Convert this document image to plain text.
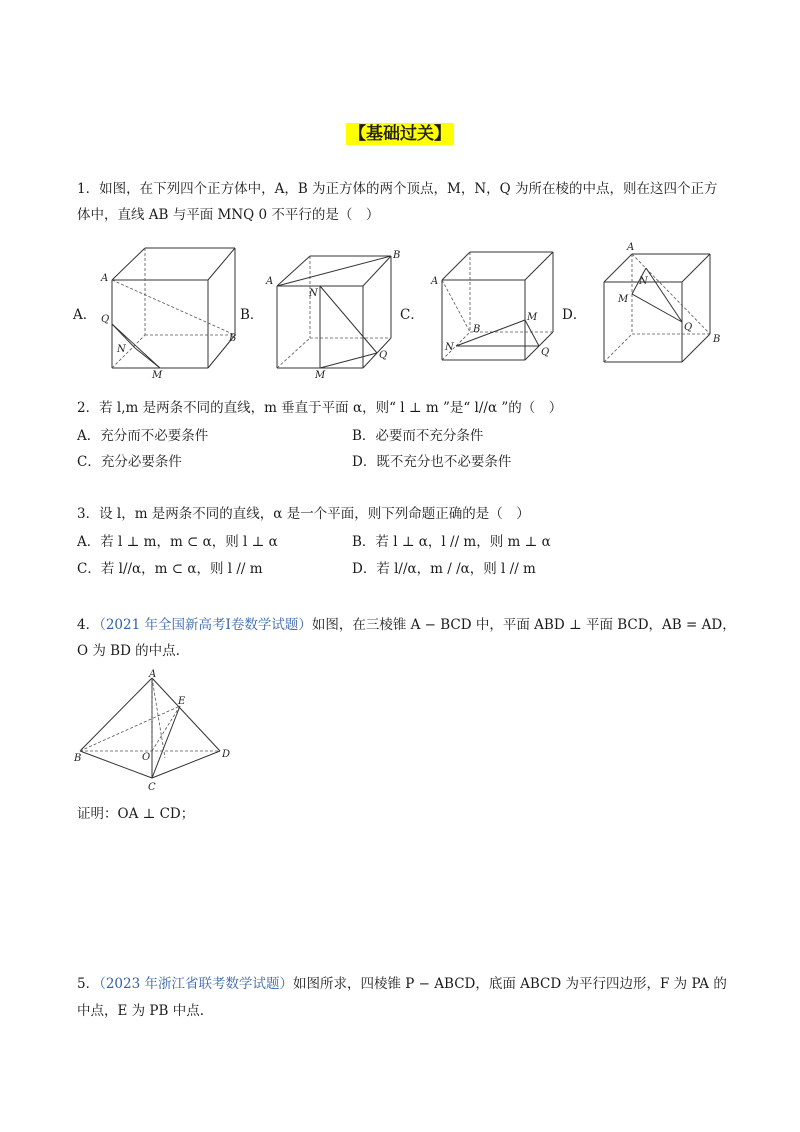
【基础过关】
1．如图，在下列四个正方体中，A，B 为正方体的两个顶点，M，N，Q 为所在棱的中点，则在这四个正方
体中，直线 AB 与平面 MNQ 0 不平行的是（　）
A．	B．	C．	D．
A
B
Q
N
M
A
B
N
Q
M
A
B
N
M
Q
A
N
M
Q
B
2．若 l,m 是两条不同的直线，m 垂直于平面 α，则“ l ⊥ m ”是“ l//α ”的（　）
A．充分而不必要条件	B．必要而不充分条件
C．充分必要条件	D．既不充分也不必要条件
3．设 l，m 是两条不同的直线，α 是一个平面，则下列命题正确的是（　）
A．若 l ⊥ m，m ⊂ α，则 l ⊥ α	B．若 l ⊥ α，l // m，则 m ⊥ α
C．若 l//α，m ⊂ α，则 l // m	D．若 l//α，m / /α，则 l // m
4．（2021 年全国新高考Ⅰ卷数学试题）如图，在三棱锥 A − BCD 中，平面 ABD ⊥ 平面 BCD，AB = AD，
O 为 BD 的中点.
A
B
C
D
E
O
证明：OA ⊥ CD；
5．（2023 年浙江省联考数学试题）如图所求，四棱锥 P − ABCD，底面 ABCD 为平行四边形，F 为 PA 的
中点，E 为 PB 中点.
